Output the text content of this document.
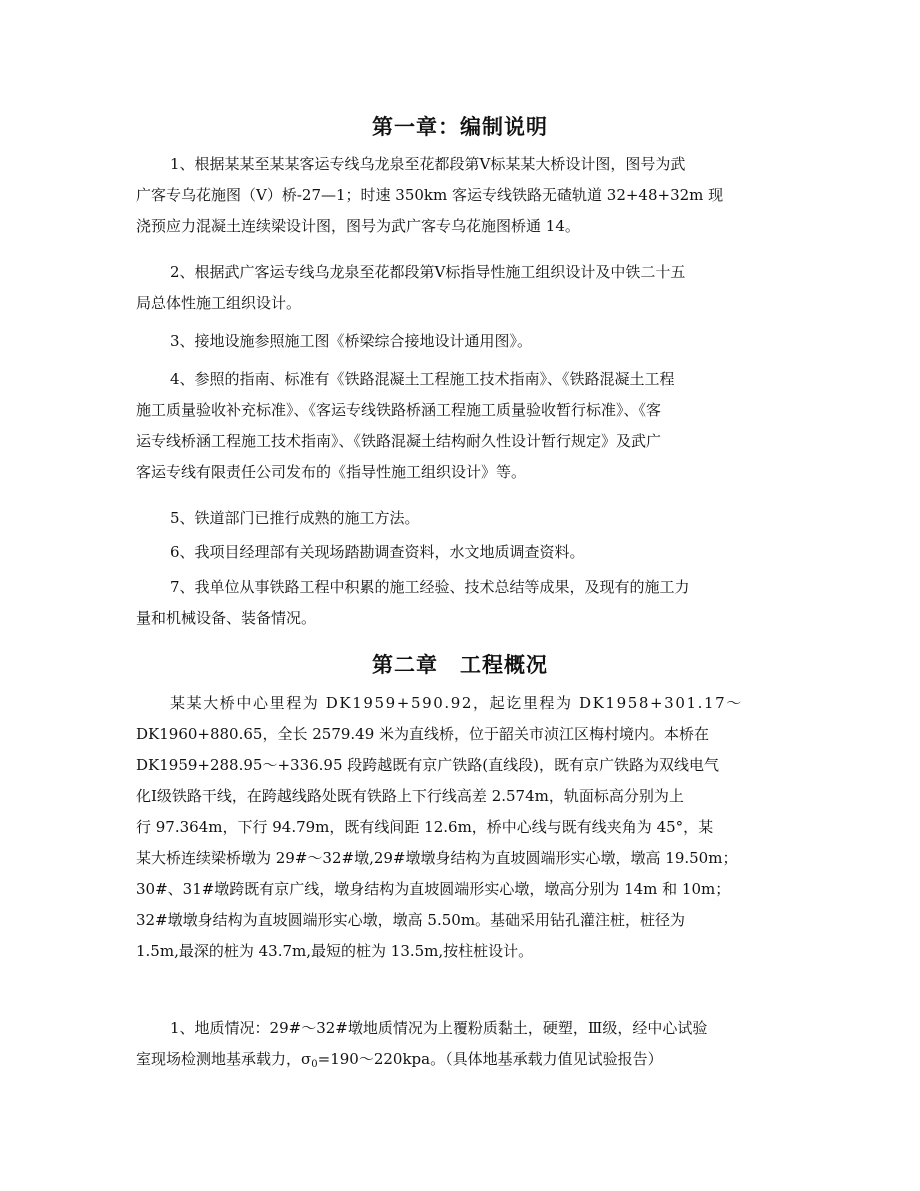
第一章：编制说明
1、根据某某至某某客运专线乌龙泉至花都段第Ⅴ标某某大桥设计图，图号为武
广客专乌花施图（Ⅴ）桥-27—1；时速 350km 客运专线铁路无碴轨道 32+48+32m 现
浇预应力混凝土连续梁设计图，图号为武广客专乌花施图桥通 14。
2、根据武广客运专线乌龙泉至花都段第Ⅴ标指导性施工组织设计及中铁二十五
局总体性施工组织设计。
3、接地设施参照施工图《桥梁综合接地设计通用图》。
4、参照的指南、标准有《铁路混凝土工程施工技术指南》、《铁路混凝土工程
施工质量验收补充标准》、《客运专线铁路桥涵工程施工质量验收暂行标准》、《客
运专线桥涵工程施工技术指南》、《铁路混凝土结构耐久性设计暂行规定》及武广
客运专线有限责任公司发布的《指导性施工组织设计》等。
5、铁道部门已推行成熟的施工方法。
6、我项目经理部有关现场踏勘调查资料，水文地质调查资料。
7、我单位从事铁路工程中积累的施工经验、技术总结等成果，及现有的施工力
量和机械设备、装备情况。
第二章　工程概况
某某大桥中心里程为 DK1959+590.92，起讫里程为 DK1958+301.17～
DK1960+880.65，全长 2579.49 米为直线桥，位于韶关市浈江区梅村境内。本桥在
DK1959+288.95～+336.95 段跨越既有京广铁路(直线段)，既有京广铁路为双线电气
化Ⅰ级铁路干线，在跨越线路处既有铁路上下行线高差 2.574m，轨面标高分别为上
行 97.364m，下行 94.79m，既有线间距 12.6m，桥中心线与既有线夹角为 45°，某
某大桥连续梁桥墩为 29#～32#墩,29#墩墩身结构为直坡圆端形实心墩，墩高 19.50m；
30#、31#墩跨既有京广线，墩身结构为直坡圆端形实心墩，墩高分别为 14m 和 10m；
32#墩墩身结构为直坡圆端形实心墩，墩高 5.50m。基础采用钻孔灌注桩，桩径为
1.5m,最深的桩为 43.7m,最短的桩为 13.5m,按柱桩设计。
1、地质情况：29#～32#墩地质情况为上覆粉质黏土，硬塑，Ⅲ级，经中心试验
室现场检测地基承载力，$\sigma_0=190\sim 220kpa$。（具体地基承载力值见试验报告）
